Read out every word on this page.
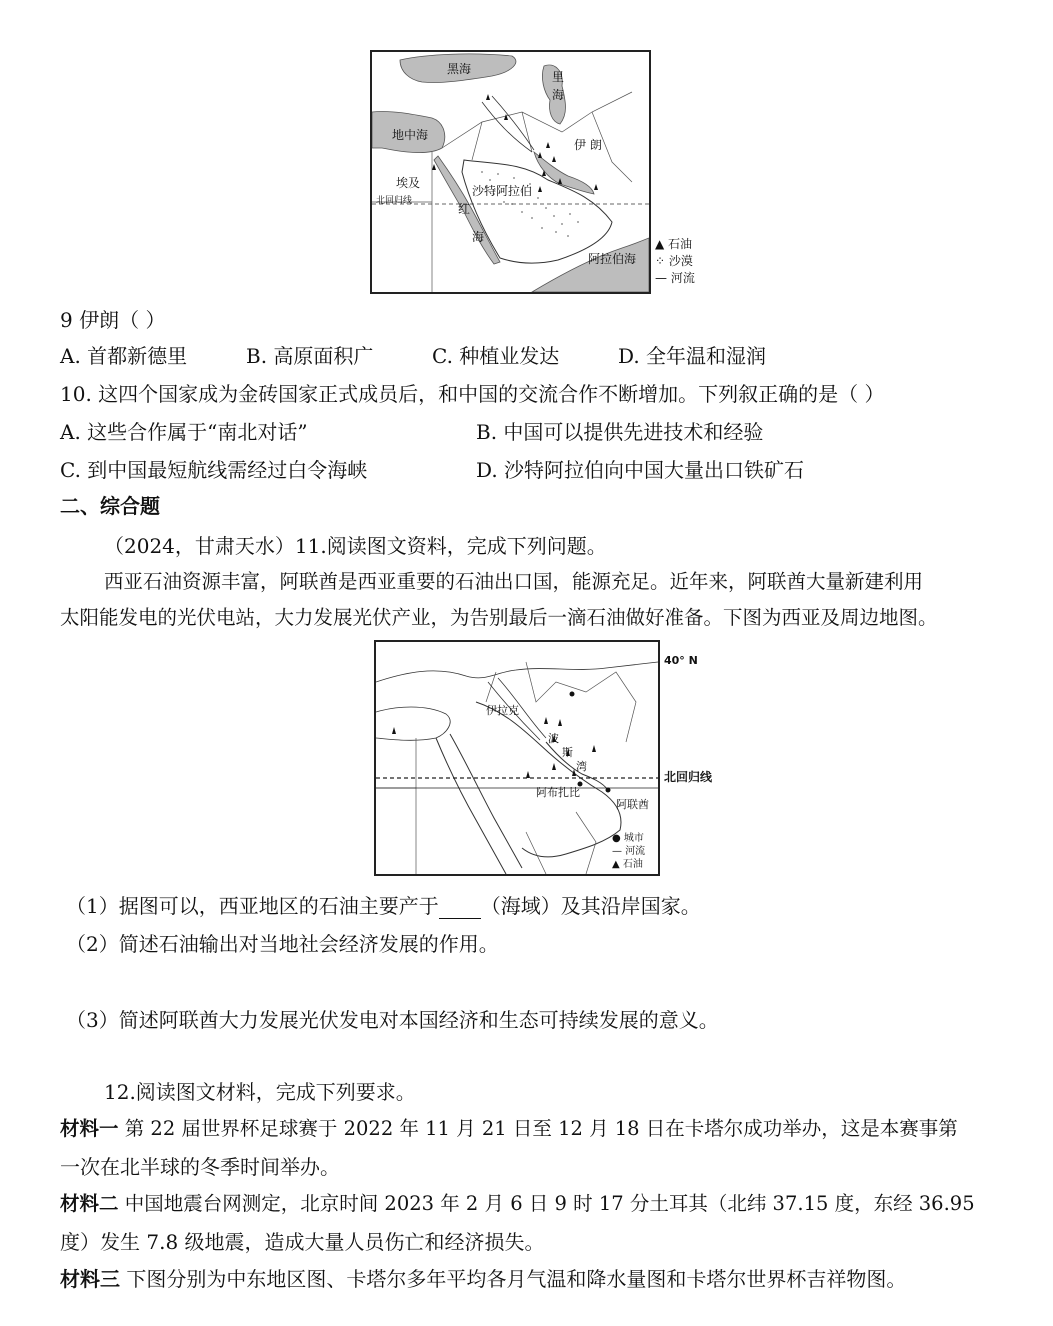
黑海
里
海
地中海
伊 朗
埃及
沙特阿拉伯
北回归线
红
海
阿拉伯海
▲ 石油
⁘ 沙漠
— 河流
9 伊朗（ ）
A. 首都新德里	B. 高原面积广	C. 种植业发达	D. 全年温和湿润
10. 这四个国家成为金砖国家正式成员后，和中国的交流合作不断增加。下列叙正确的是（ ）
A. 这些合作属于“南北对话”	B. 中国可以提供先进技术和经验
C. 到中国最短航线需经过白令海峡	D. 沙特阿拉伯向中国大量出口铁矿石
二、综合题
（2024，甘肃天水）11.阅读图文资料，完成下列问题。
西亚石油资源丰富，阿联酋是西亚重要的石油出口国，能源充足。近年来，阿联酋大量新建利用
太阳能发电的光伏电站，大力发展光伏产业，为告别最后一滴石油做好准备。下图为西亚及周边地图。
伊拉克
波
斯
湾
阿布扎比
阿联酋
● 城市
— 河流
▲ 石油
40° N
北回归线
（1）据图可以，西亚地区的石油主要产于 （海域）及其沿岸国家。
（2）简述石油输出对当地社会经济发展的作用。
（3）简述阿联酋大力发展光伏发电对本国经济和生态可持续发展的意义。
12.阅读图文材料，完成下列要求。
材料一 第 22 届世界杯足球赛于 2022 年 11 月 21 日至 12 月 18 日在卡塔尔成功举办，这是本赛事第
一次在北半球的冬季时间举办。
材料二 中国地震台网测定，北京时间 2023 年 2 月 6 日 9 时 17 分土耳其（北纬 37.15 度，东经 36.95
度）发生 7.8 级地震，造成大量人员伤亡和经济损失。
材料三 下图分别为中东地区图、卡塔尔多年平均各月气温和降水量图和卡塔尔世界杯吉祥物图。
